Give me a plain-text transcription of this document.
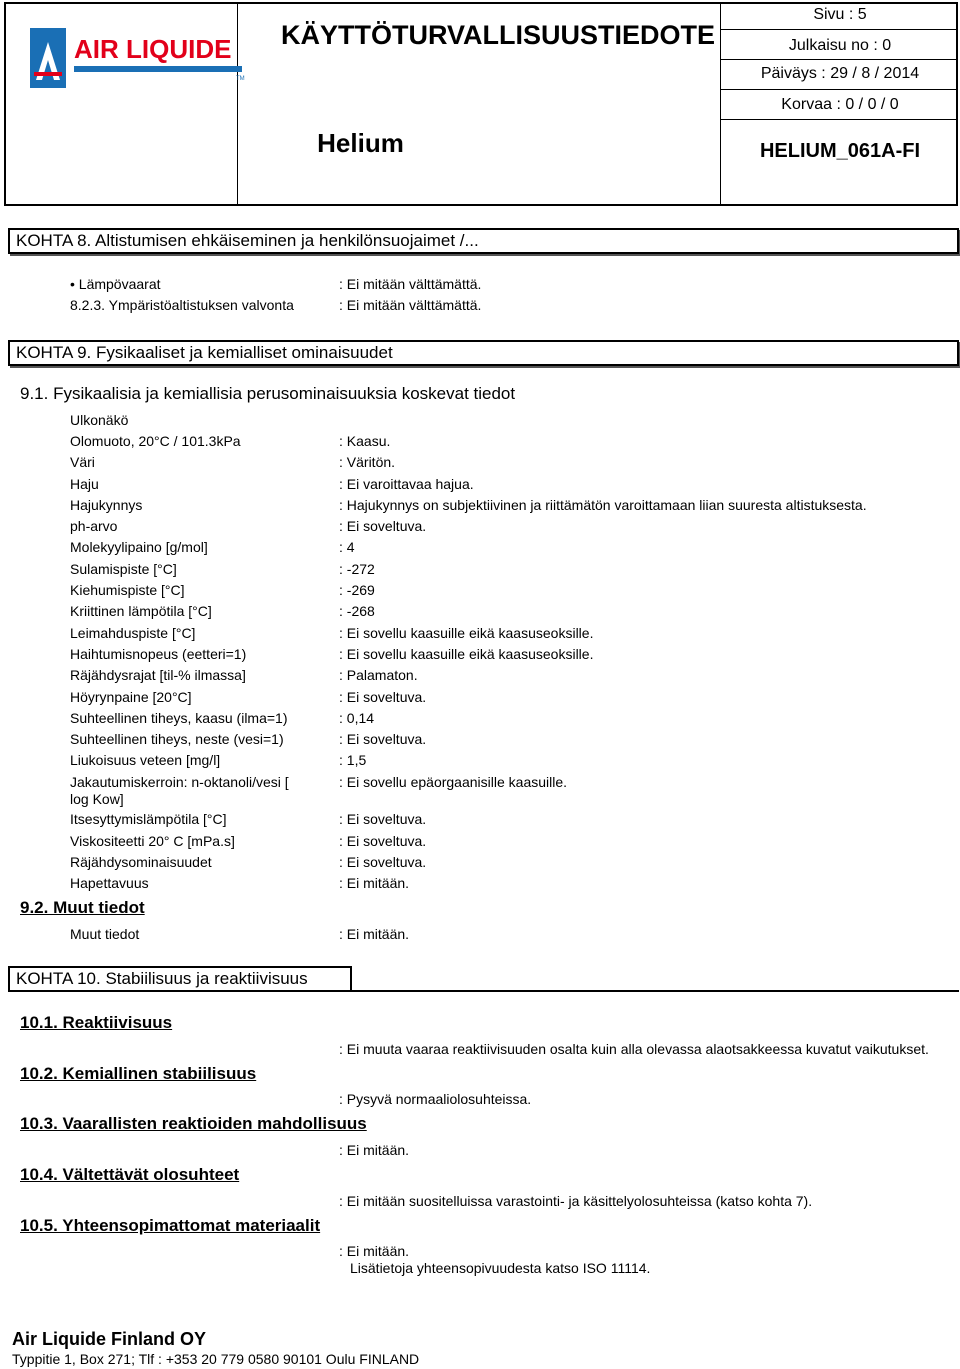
AIR LIQUIDE
TM
KÄYTTÖTURVALLISUUSTIEDOTE
Helium
Sivu : 5
Julkaisu no : 0
Päiväys : 29 / 8 / 2014
Korvaa : 0 / 0 / 0
HELIUM_061A-FI
KOHTA 8. Altistumisen ehkäiseminen ja henkilönsuojaimet /...
• Lämpövaarat	: Ei mitään välttämättä.
8.2.3. Ympäristöaltistuksen valvonta	: Ei mitään välttämättä.
KOHTA 9. Fysikaaliset ja kemialliset ominaisuudet
9.1. Fysikaalisia ja kemiallisia perusominaisuuksia koskevat tiedot
Ulkonäkö
Olomuoto, 20°C / 101.3kPa	: Kaasu.
Väri	: Väritön.
Haju	: Ei varoittavaa hajua.
Hajukynnys	: Hajukynnys on subjektiivinen ja riittämätön varoittamaan liian suuresta altistuksesta.
ph-arvo	: Ei soveltuva.
Molekyylipaino [g/mol]	: 4
Sulamispiste [°C]	: -272
Kiehumispiste [°C]	: -269
Kriittinen lämpötila [°C]	: -268
Leimahduspiste [°C]	: Ei sovellu kaasuille eikä kaasuseoksille.
Haihtumisnopeus (eetteri=1)	: Ei sovellu kaasuille eikä kaasuseoksille.
Räjähdysrajat [til-% ilmassa]	: Palamaton.
Höyrynpaine [20°C]	: Ei soveltuva.
Suhteellinen tiheys, kaasu (ilma=1)	: 0,14
Suhteellinen tiheys, neste (vesi=1)	: Ei soveltuva.
Liukoisuus veteen [mg/l]	: 1,5
Jakautumiskerroin: n-oktanoli/vesi [
log Kow]
: Ei sovellu epäorgaanisille kaasuille.
Itsesyttymislämpötila [°C]	: Ei soveltuva.
Viskositeetti 20° C [mPa.s]	: Ei soveltuva.
Räjähdysominaisuudet	: Ei soveltuva.
Hapettavuus	: Ei mitään.
9.2. Muut tiedot
Muut tiedot	: Ei mitään.
KOHTA 10. Stabiilisuus ja reaktiivisuus
10.1. Reaktiivisuus
: Ei muuta vaaraa reaktiivisuuden osalta kuin alla olevassa alaotsakkeessa kuvatut vaikutukset.
10.2. Kemiallinen stabiilisuus
: Pysyvä normaaliolosuhteissa.
10.3. Vaarallisten reaktioiden mahdollisuus
: Ei mitään.
10.4. Vältettävät olosuhteet
: Ei mitään suositelluissa varastointi- ja käsittelyolosuhteissa (katso kohta 7).
10.5. Yhteensopimattomat materiaalit
: Ei mitään.
Lisätietoja yhteensopivuudesta katso ISO 11114.
Air Liquide Finland OY
Typpitie 1, Box 271; Tlf : +353 20 779 0580 90101 Oulu FINLAND
